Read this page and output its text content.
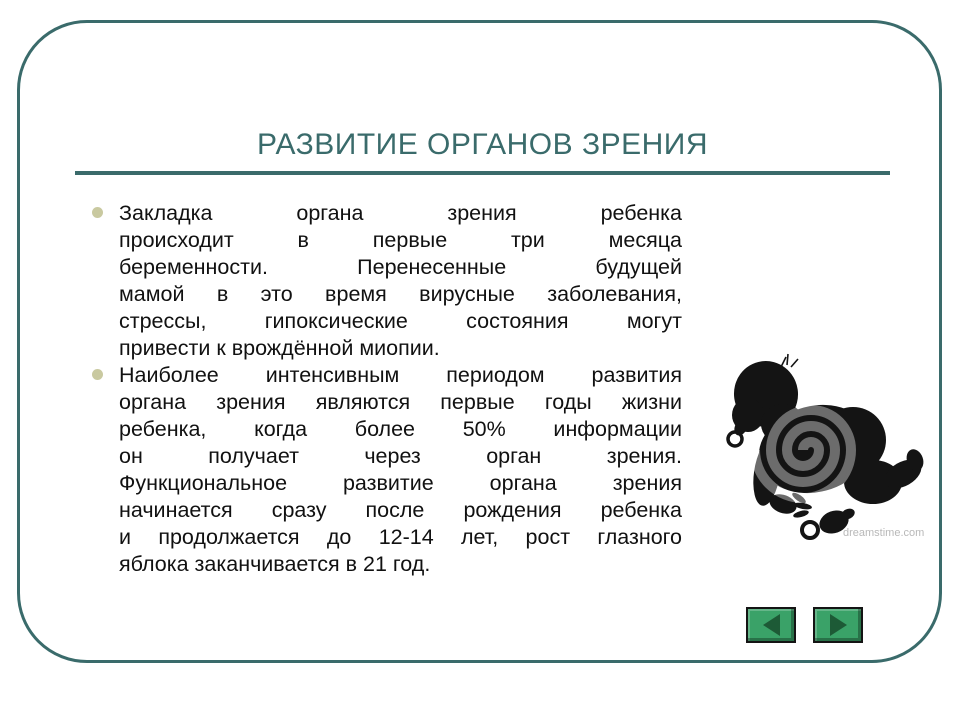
РАЗВИТИЕ ОРГАНОВ ЗРЕНИЯ
Закладка органа зрения ребенка
происходит в первые три месяца
беременности. Перенесенные будущей
мамой в это время вирусные заболевания,
стрессы, гипоксические состояния могут
привести к врождённой миопии.
Наиболее интенсивным периодом развития
органа зрения являются первые годы жизни
ребенка, когда более 50% информации
он получает через орган зрения.
Функциональное развитие органа зрения
начинается сразу после рождения ребенка
и продолжается до 12-14 лет, рост глазного
яблока заканчивается в 21 год.
dreamstime.com
